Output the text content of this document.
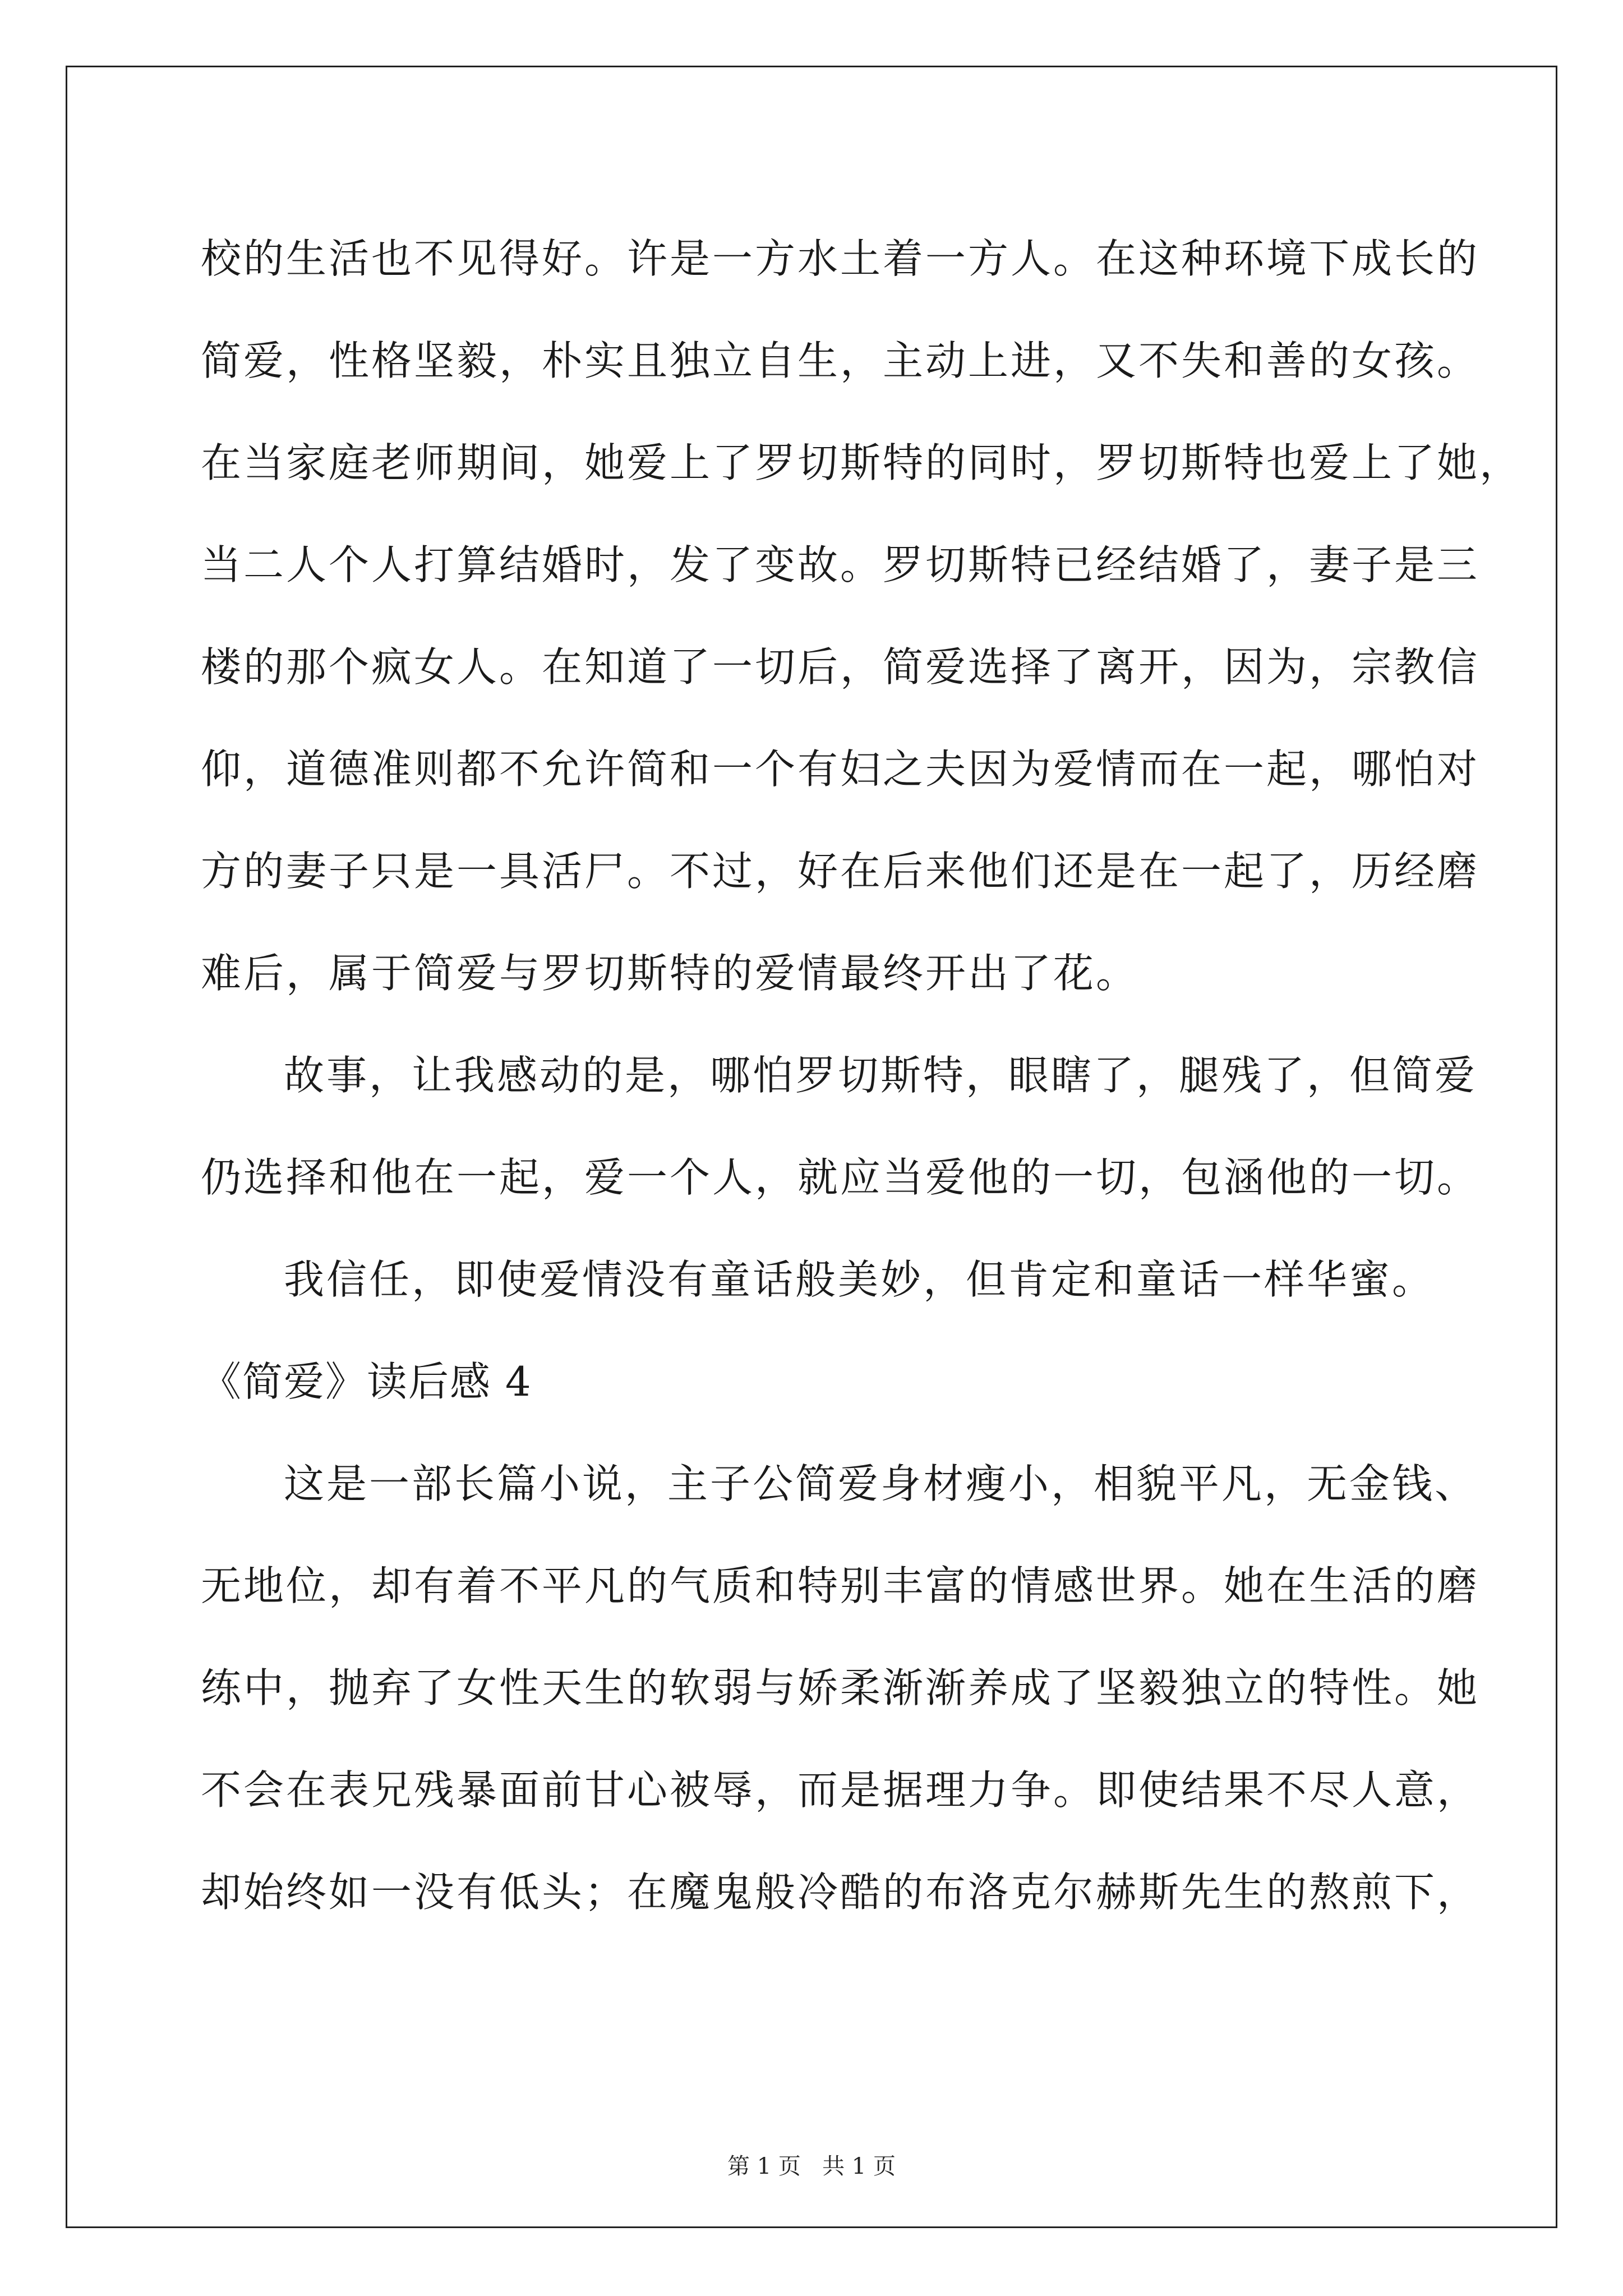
校的生活也不见得好。许是一方水土着一方人。在这种环境下成长的
简爱，性格坚毅，朴实且独立自生，主动上进，又不失和善的女孩。
在当家庭老师期间，她爱上了罗切斯特的同时，罗切斯特也爱上了她，
当二人个人打算结婚时，发了变故。罗切斯特已经结婚了，妻子是三
楼的那个疯女人。在知道了一切后，简爱选择了离开，因为，宗教信
仰，道德准则都不允许简和一个有妇之夫因为爱情而在一起，哪怕对
方的妻子只是一具活尸。不过，好在后来他们还是在一起了，历经磨
难后，属于简爱与罗切斯特的爱情最终开出了花。
故事，让我感动的是，哪怕罗切斯特，眼瞎了，腿残了，但简爱
仍选择和他在一起，爱一个人，就应当爱他的一切，包涵他的一切。
我信任，即使爱情没有童话般美妙，但肯定和童话一样华蜜。
《简爱》读后感 4
这是一部长篇小说，主子公简爱身材瘦小，相貌平凡，无金钱、
无地位，却有着不平凡的气质和特别丰富的情感世界。她在生活的磨
练中，抛弃了女性天生的软弱与娇柔渐渐养成了坚毅独立的特性。她
不会在表兄残暴面前甘心被辱，而是据理力争。即使结果不尽人意，
却始终如一没有低头；在魔鬼般冷酷的布洛克尔赫斯先生的熬煎下，
第 1 页   共 1 页
